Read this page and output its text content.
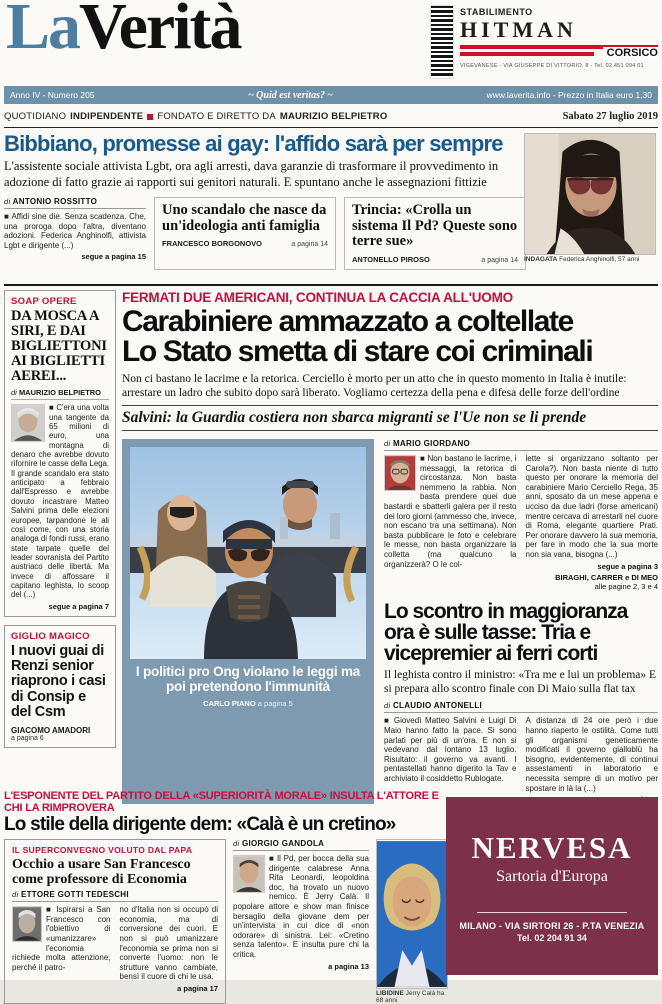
LaVerità	STABILIMENTO
HITMAN
CORSICO
VIGEVANESE - VIA GIUSEPPE DI VITTORIO, 8 - Tel. 02 451 094 01
Anno IV - Numero 205	~ Quid est veritas? ~	www.laverita.info - Prezzo in Italia euro 1,30
QUOTIDIANO INDIPENDENTE FONDATO E DIRETTO DA MAURIZIO BELPIETRO	Sabato 27 luglio 2019
Bibbiano, promesse ai gay: l'affido sarà per sempre
L'assistente sociale attivista Lgbt, ora agli arresti, dava garanzie di trasformare il provvedimento in adozione di fatto grazie ai rapporti sui genitori naturali. E spuntano anche le assegnazioni fittizie
INDAGATA Federica Anghinolfi, 57 anni
di ANTONIO ROSSITTO
■ Affidi sine die. Senza scadenza. Che, una proroga dopo l'altra, diventano adozioni. Federica Anghinolfi, attivista Lgbt e dirigente (...)
segue a pagina 15
Uno scandalo che nasce da un'ideologia anti famiglia
FRANCESCO BORGONOVO	a pagina 14
Trincia: «Crolla un sistema Il Pd? Queste sono terre sue»
ANTONELLO PIROSO	a pagina 14
SOAP OPERE
DA MOSCA A SIRI, E DAI BIGLIETTONI AI BIGLIETTI AEREI...
di MAURIZIO BELPIETRO
■ C'era una volta una tangente da 65 milioni di euro, una montagna di denaro che avrebbe dovuto rifornire le casse della Lega. Il grande scandalo era stato anticipato a febbraio dall'Espresso e avrebbe dovuto incastrare Matteo Salvini prima delle elezioni europee, tarpandone le ali così come, con una storia analoga di fondi russi, erano state tarpate quelle del leader sovranista del Partito austriaco delle libertà. Ma invece di affossare il capitano leghista, lo scoop del (...)
segue a pagina 7
GIGLIO MAGICO
I nuovi guai di Renzi senior riaprono i casi di Consip e del Csm
GIACOMO AMADORI
a pagina 6
FERMATI DUE AMERICANI, CONTINUA LA CACCIA ALL'UOMO
Carabiniere ammazzato a coltellate
Lo Stato smetta di stare coi criminali
Non ci bastano le lacrime e la retorica. Cerciello è morto per un atto che in questo momento in Italia è inutile: arrestare un ladro che subito dopo sarà liberato. Vogliamo certezza della pena e difesa delle forze dell'ordine
Salvini: la Guardia costiera non sbarca migranti se l'Ue non se li prende
I politici pro Ong violano le leggi ma poi pretendono l'immunità
CARLO PIANO a pagina 5
di MARIO GIORDANO
■ Non bastano le lacrime, i messaggi, la retorica di circostanza. Non basta nemmeno la rabbia. Non basta prendere quei due bastardi e sbatterli galera per il resto dei loro giorni (ammesso che, invece, non escano tra una settimana). Non basta pubblicare le foto e celebrare le messe, non basta organizzare la colletta (ma qualcuno la organizzerà? O le col-
lette si organizzano soltanto per Carola?). Non basta niente di tutto questo per onorare la memoria del carabiniere Mario Cerciello Rega, 35 anni, sposato da un mese appena e ucciso da due ladri (forse americani) mentre cercava di arrestarli nel cuore di Roma, elegante quartiere Prati. Per onorare davvero la sua memoria, per fare in modo che la sua morte non sia vana, bisogna (...)
segue a pagina 3
BIRAGHI, CARRER e DI MEO
alle pagine 2, 3 e 4
Lo scontro in maggioranza ora è sulle tasse: Tria e vicepremier ai ferri corti
Il leghista contro il ministro: «Tra me e lui un problema» E si prepara allo scontro finale con Di Maio sulla flat tax
di CLAUDIO ANTONELLI
■ Giovedì Matteo Salvini e Luigi Di Maio hanno fatto la pace. Si sono parlati per più di un'ora. E non si vedevano dal lontano 13 luglio. Risultato: il governo va avanti. I pentastellati hanno digerito la Tav e archiviato il cosiddetto Rublogate.
A distanza di 24 ore però i due hanno riaperto le ostilità. Come tutti gli organismi geneticamente modificati il governo gialloblù ha bisogno, evidentemente, di continui assestamenti in laboratorio e necessita sempre di un motivo per spostare in là la (...)
L'ESPONENTE DEL PARTITO DELLA «SUPERIORITÀ MORALE» INSULTA L'ATTORE E CHI LA RIMPROVERA
Lo stile della dirigente dem: «Calà è un cretino»
IL SUPERCONVEGNO VOLUTO DAL PAPA
Occhio a usare San Francesco come professore di Economia
di ETTORE GOTTI TEDESCHI
■ Ispirarsi a San Francesco con l'obiettivo di «umanizzare» l'economia richiede molta attenzione, perché il patro-
no d'Italia non si occupò di economia, ma di conversione dei cuori. E non si può umanizzare l'economia se prima non si converte l'uomo: non le strutture vanno cambiate, bensì il cuore di chi le usa.
a pagina 17
di GIORGIO GANDOLA
■ Il Pd, per bocca della sua dirigente calabrese Anna Rita Leonardi, leopoldina doc, ha trovato un nuovo nemico. È Jerry Calà. Il popolare attore e show man finisce bersaglio della giovane dem per un'intervista in cui dice di «non odorare» di sinistra. Lei: «Cretino senza talento». E insulta pure chi la critica.
a pagina 13
LIBIDINE Jerry Calà ha 68 anni
NERVESA
Sartoria d'Europa
MILANO - VIA SIRTORI 26 - P.TA VENEZIA
Tel. 02 204 91 34
